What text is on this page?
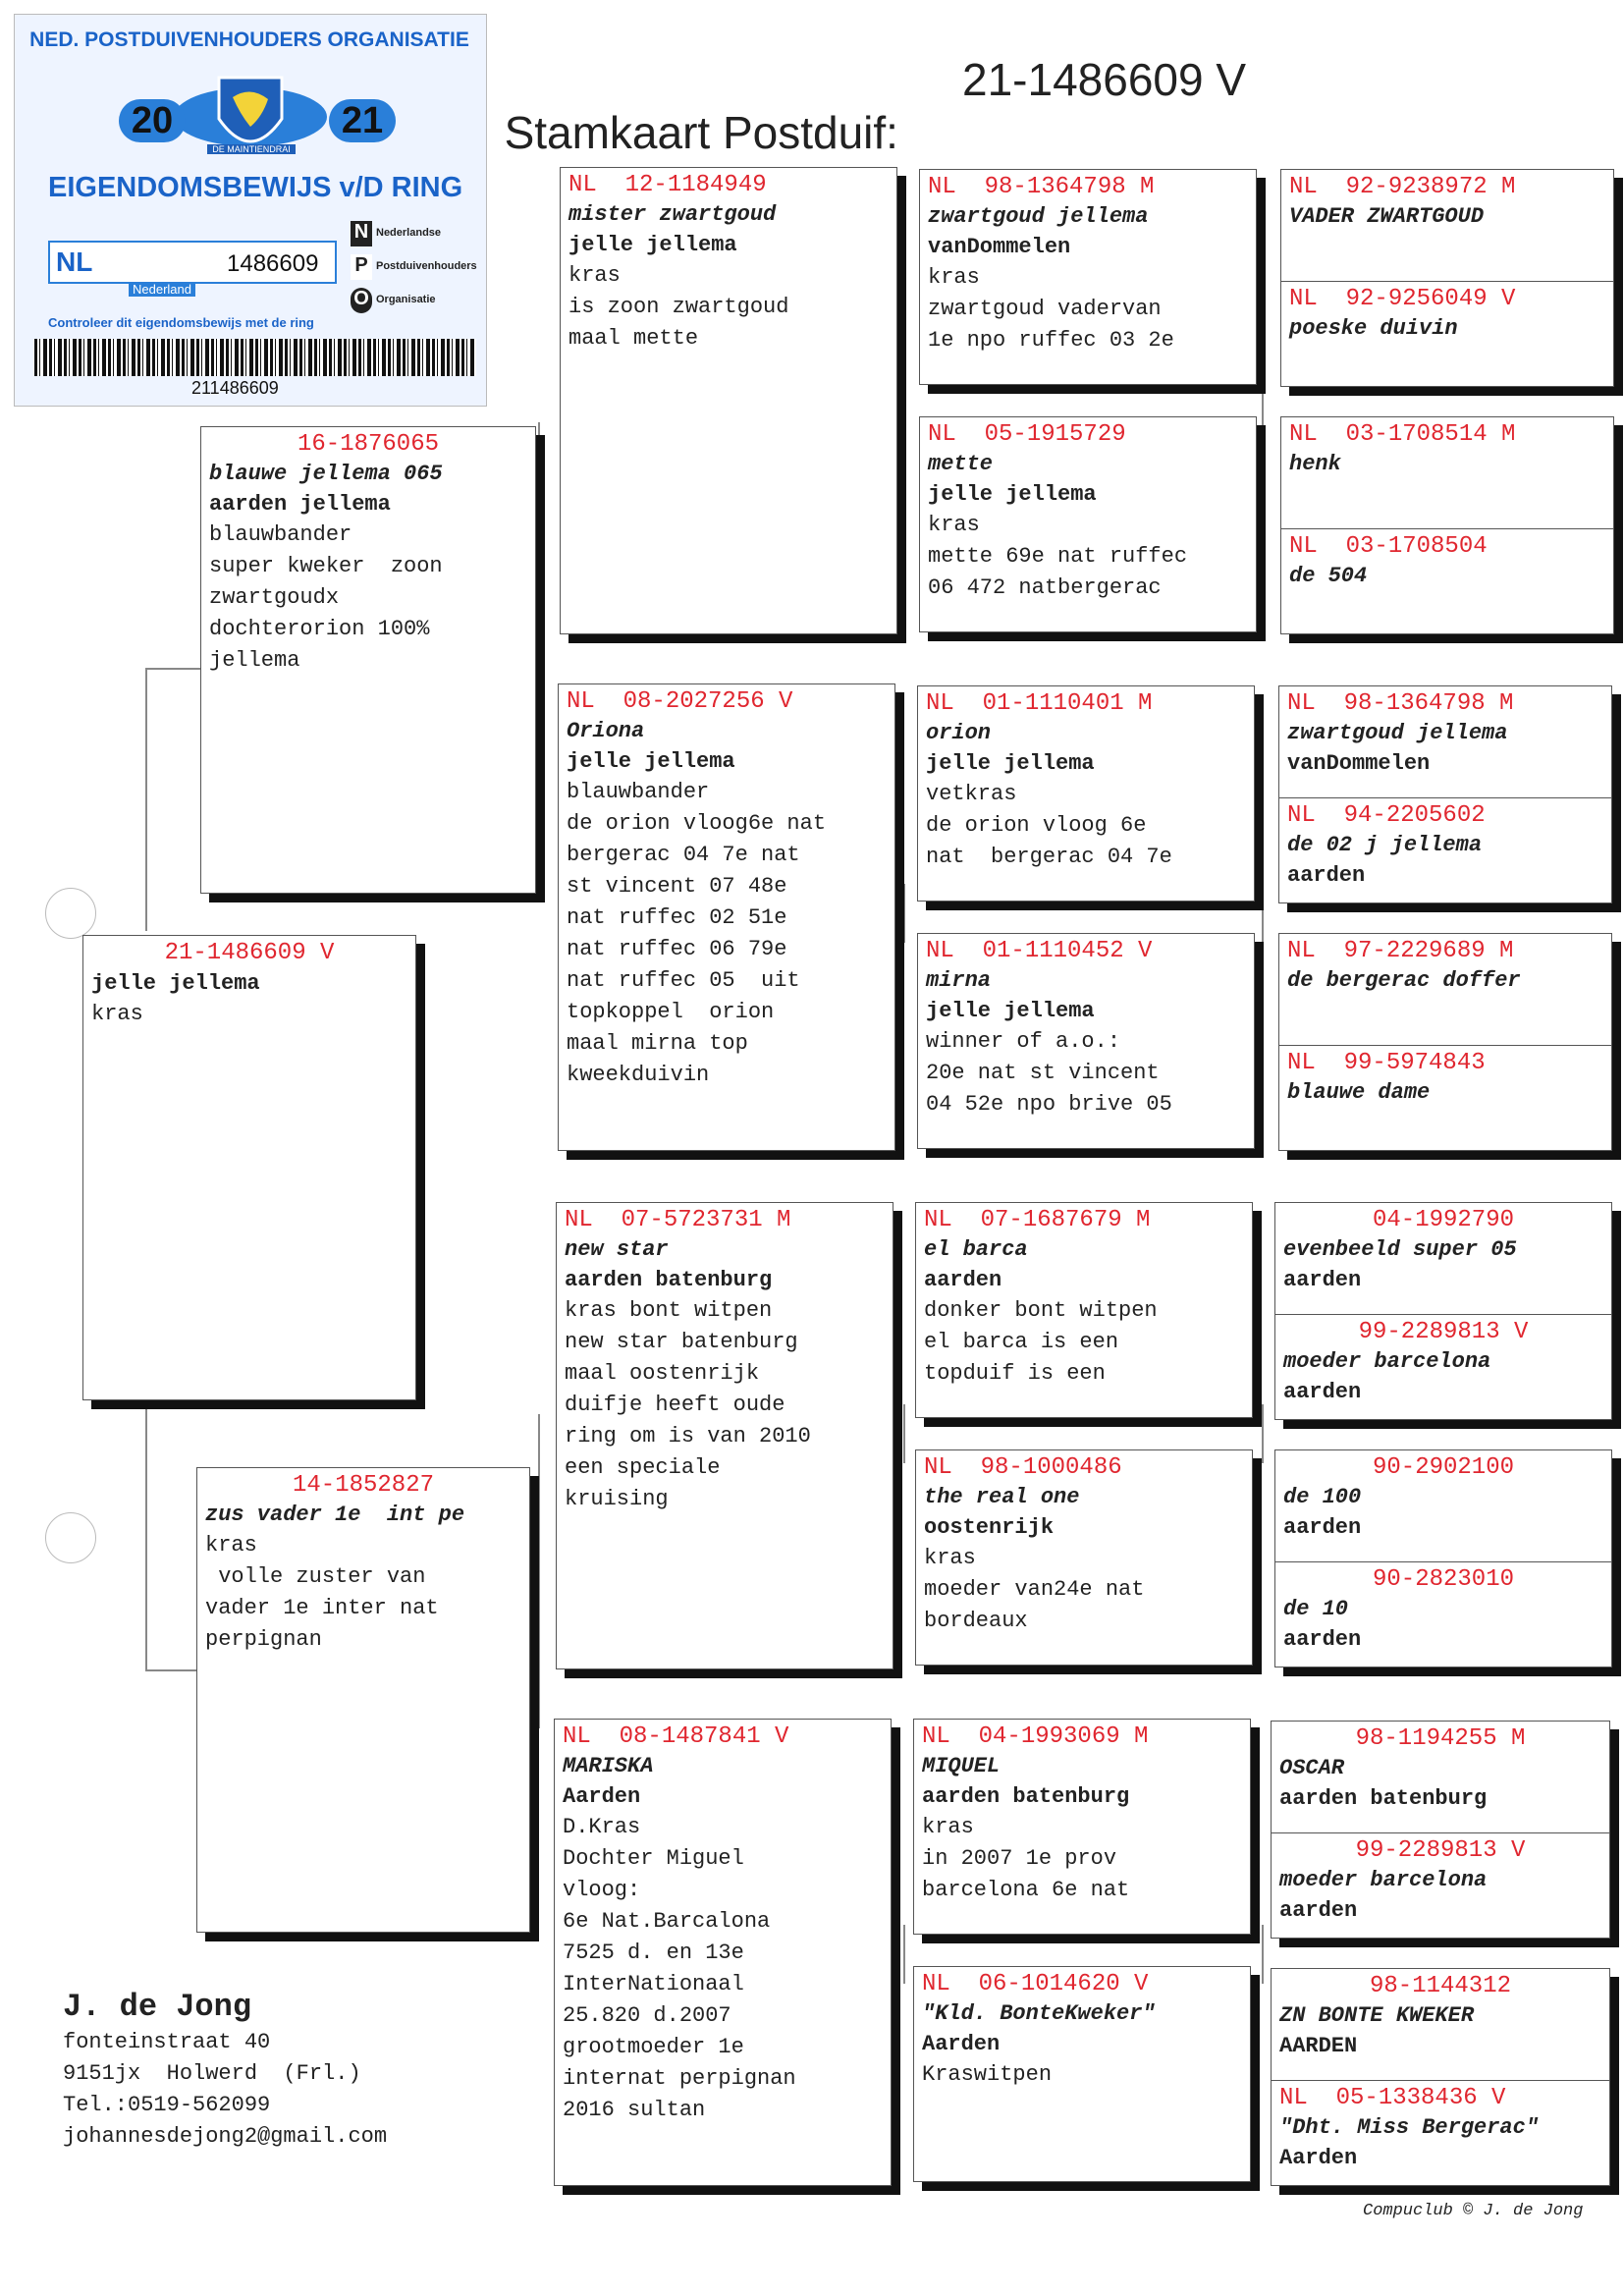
Stamkaart Postduif:

21-1486609 V
NED. POSTDUIVENHOUDERS ORGANISATIE
20	21
DE MAINTIENDRAI
EIGENDOMSBEWIJS v/D RING
NL	1486609
Nederland
N Nederlandse
P Postduivenhouders
O Organisatie
Controleer dit eigendomsbewijs met de ring
211486609
21-1486609 V
jelle jellema
kras
16-1876065
blauwe jellema 065
aarden jellema
blauwbander
super kweker  zoon
zwartgoudx
dochterorion 100%
jellema
14-1852827
zus vader 1e  int pe
kras
volle zuster van
vader 1e inter nat
perpignan
NL  12-1184949
mister zwartgoud
jelle jellema
kras
is zoon zwartgoud
maal mette
NL  08-2027256 V
Oriona
jelle jellema
blauwbander
de orion vloog6e nat
bergerac 04 7e nat
st vincent 07 48e
nat ruffec 02 51e
nat ruffec 06 79e
nat ruffec 05  uit
topkoppel  orion
maal mirna top
kweekduivin
NL  07-5723731 M
new star
aarden batenburg
kras bont witpen
new star batenburg
maal oostenrijk
duifje heeft oude
ring om is van 2010
een speciale
kruising
NL  08-1487841 V
MARISKA
Aarden
D.Kras
Dochter Miguel
vloog:
6e Nat.Barcalona
7525 d. en 13e
InterNationaal
25.820 d.2007
grootmoeder 1e
internat perpignan
2016 sultan
NL  98-1364798 M
zwartgoud jellema
vanDommelen
kras
zwartgoud vadervan
1e npo ruffec 03 2e
NL  05-1915729
mette
jelle jellema
kras
mette 69e nat ruffec
06 472 natbergerac
NL  01-1110401 M
orion
jelle jellema
vetkras
de orion vloog 6e
nat  bergerac 04 7e
NL  01-1110452 V
mirna
jelle jellema
winner of a.o.:
20e nat st vincent
04 52e npo brive 05
NL  07-1687679 M
el barca
aarden
donker bont witpen
el barca is een
topduif is een
NL  98-1000486
the real one
oostenrijk
kras
moeder van24e nat
bordeaux
NL  04-1993069 M
MIQUEL
aarden batenburg
kras
in 2007 1e prov
barcelona 6e nat
NL  06-1014620 V
"Kld. BonteKweker"
Aarden
Kraswitpen
NL  92-9238972 M
VADER ZWARTGOUD
NL  92-9256049 V
poeske duivin
NL  03-1708514 M
henk
NL  03-1708504
de 504
NL  98-1364798 M
zwartgoud jellema
vanDommelen
NL  94-2205602
de 02 j jellema
aarden
NL  97-2229689 M
de bergerac doffer
NL  99-5974843
blauwe dame
04-1992790
evenbeeld super 05
aarden
99-2289813 V
moeder barcelona
aarden
90-2902100
de 100
aarden
90-2823010
de 10
aarden
98-1194255 M
OSCAR
aarden batenburg
99-2289813 V
moeder barcelona
aarden
98-1144312
ZN BONTE KWEKER
AARDEN
NL  05-1338436 V
"Dht. Miss Bergerac"
Aarden
J. de Jong
fonteinstraat 40
9151jx  Holwerd  (Frl.)
Tel.:0519-562099
johannesdejong2@gmail.com
Compuclub © J. de Jong
